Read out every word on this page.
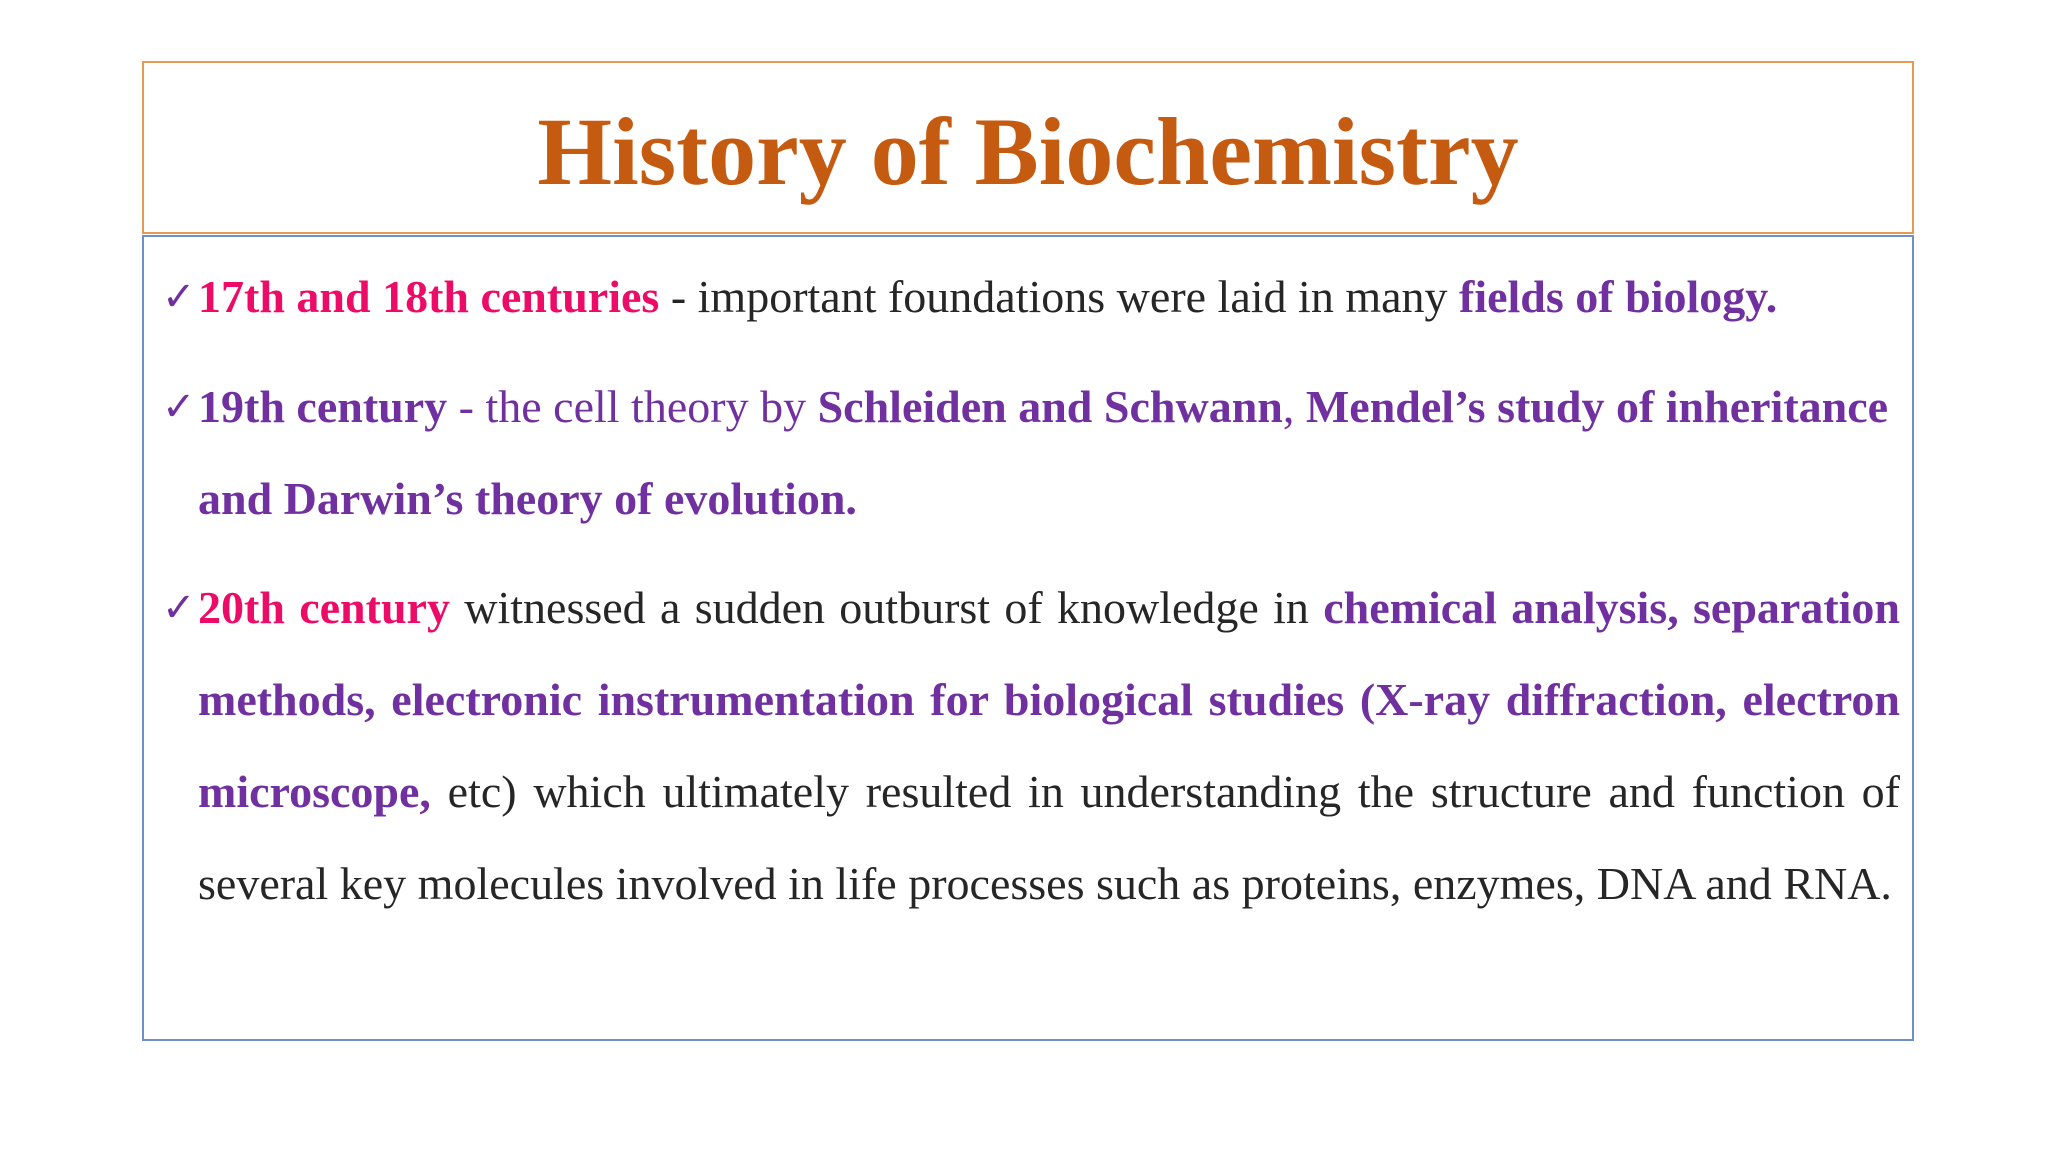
History of Biochemistry
✓ 17th and 18th centuries - important foundations were laid in many fields of biology.
✓ 19th century - the cell theory by Schleiden and Schwann, Mendel’s study of inheritance and Darwin’s theory of evolution.
✓ 20th century witnessed a sudden outburst of knowledge in chemical analysis, separation methods, electronic instrumentation for biological studies (X-ray diffraction, electron microscope, etc) which ultimately resulted in understanding the structure and function of several key molecules involved in life processes such as proteins, enzymes, DNA and RNA.
